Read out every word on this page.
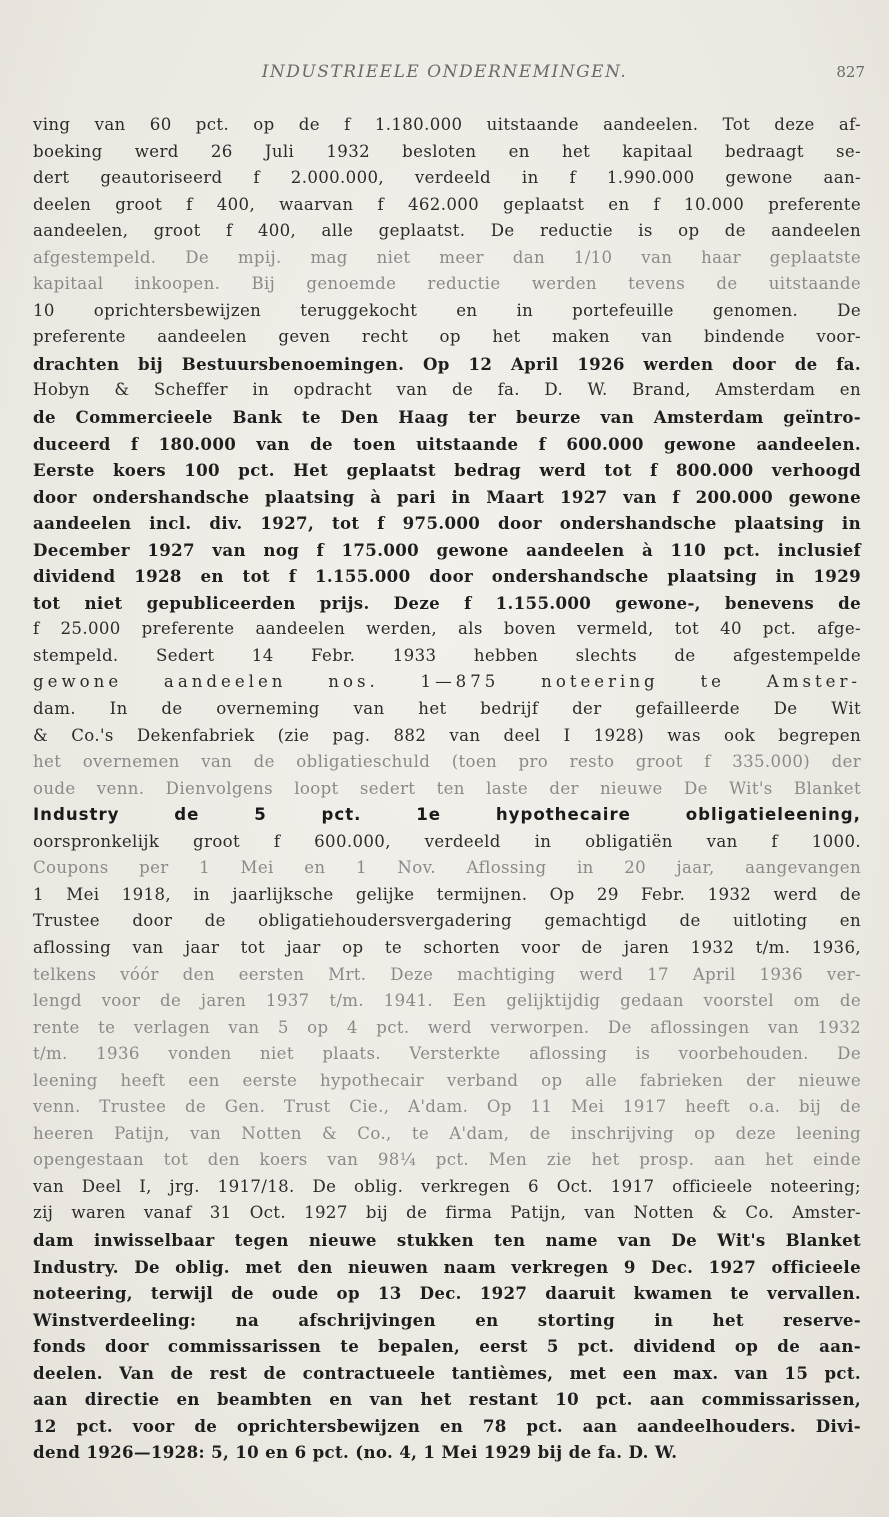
INDUSTRIEELE ONDERNEMINGEN.	827
ving van 60 pct. op de f 1.180.000 uitstaande aandeelen. Tot deze af-
boeking werd 26 Juli 1932 besloten en het kapitaal bedraagt se-
dert geautoriseerd f 2.000.000, verdeeld in f 1.990.000 gewone aan-
deelen groot f 400, waarvan f 462.000 geplaatst en f 10.000 preferente
aandeelen, groot f 400, alle geplaatst. De reductie is op de aandeelen
afgestempeld. De mpij. mag niet meer dan 1/10 van haar geplaatste
kapitaal inkoopen. Bij genoemde reductie werden tevens de uitstaande
10 oprichtersbewijzen teruggekocht en in portefeuille genomen. De
preferente aandeelen geven recht op het maken van bindende voor-
drachten bij Bestuursbenoemingen. Op 12 April 1926 werden door de fa.
Hobyn & Scheffer in opdracht van de fa. D. W. Brand, Amsterdam en
de Commercieele Bank te Den Haag ter beurze van Amsterdam geïntro-
duceerd f 180.000 van de toen uitstaande f 600.000 gewone aandeelen.
Eerste koers 100 pct. Het geplaatst bedrag werd tot f 800.000 verhoogd
door ondershandsche plaatsing à pari in Maart 1927 van f 200.000 gewone
aandeelen incl. div. 1927, tot f 975.000 door ondershandsche plaatsing in
December 1927 van nog f 175.000 gewone aandeelen à 110 pct. inclusief
dividend 1928 en tot f 1.155.000 door ondershandsche plaatsing in 1929
tot niet gepubliceerden prijs. Deze f 1.155.000 gewone-, benevens de
f 25.000 preferente aandeelen werden, als boven vermeld, tot 40 pct. afge-
stempeld. Sedert 14 Febr. 1933 hebben slechts de afgestempelde
gewone aandeelen nos. 1—875 noteering te Amster-
dam. In de overneming van het bedrijf der gefailleerde De Wit
& Co.'s Dekenfabriek (zie pag. 882 van deel I 1928) was ook begrepen
het overnemen van de obligatieschuld (toen pro resto groot f 335.000) der
oude venn. Dienvolgens loopt sedert ten laste der nieuwe De Wit's Blanket
Industry de 5 pct. 1e hypothecaire obligatieleening,
oorspronkelijk groot f 600.000, verdeeld in obligatiën van f 1000.
Coupons per 1 Mei en 1 Nov. Aflossing in 20 jaar, aangevangen
1 Mei 1918, in jaarlijksche gelijke termijnen. Op 29 Febr. 1932 werd de
Trustee door de obligatiehoudersvergadering gemachtigd de uitloting en
aflossing van jaar tot jaar op te schorten voor de jaren 1932 t/m. 1936,
telkens vóór den eersten Mrt. Deze machtiging werd 17 April 1936 ver-
lengd voor de jaren 1937 t/m. 1941. Een gelijktijdig gedaan voorstel om de
rente te verlagen van 5 op 4 pct. werd verworpen. De aflossingen van 1932
t/m. 1936 vonden niet plaats. Versterkte aflossing is voorbehouden. De
leening heeft een eerste hypothecair verband op alle fabrieken der nieuwe
venn. Trustee de Gen. Trust Cie., A'dam. Op 11 Mei 1917 heeft o.a. bij de
heeren Patijn, van Notten & Co., te A'dam, de inschrijving op deze leening
opengestaan tot den koers van 98¼ pct. Men zie het prosp. aan het einde
van Deel I, jrg. 1917/18. De oblig. verkregen 6 Oct. 1917 officieele noteering;
zij waren vanaf 31 Oct. 1927 bij de firma Patijn, van Notten & Co. Amster-
dam inwisselbaar tegen nieuwe stukken ten name van De Wit's Blanket
Industry. De oblig. met den nieuwen naam verkregen 9 Dec. 1927 officieele
noteering, terwijl de oude op 13 Dec. 1927 daaruit kwamen te vervallen.
Winstverdeeling: na afschrijvingen en storting in het reserve-
fonds door commissarissen te bepalen, eerst 5 pct. dividend op de aan-
deelen. Van de rest de contractueele tantièmes, met een max. van 15 pct.
aan directie en beambten en van het restant 10 pct. aan commissarissen,
12 pct. voor de oprichtersbewijzen en 78 pct. aan aandeelhouders. Divi-
dend 1926—1928: 5, 10 en 6 pct. (no. 4, 1 Mei 1929 bij de fa. D. W.
